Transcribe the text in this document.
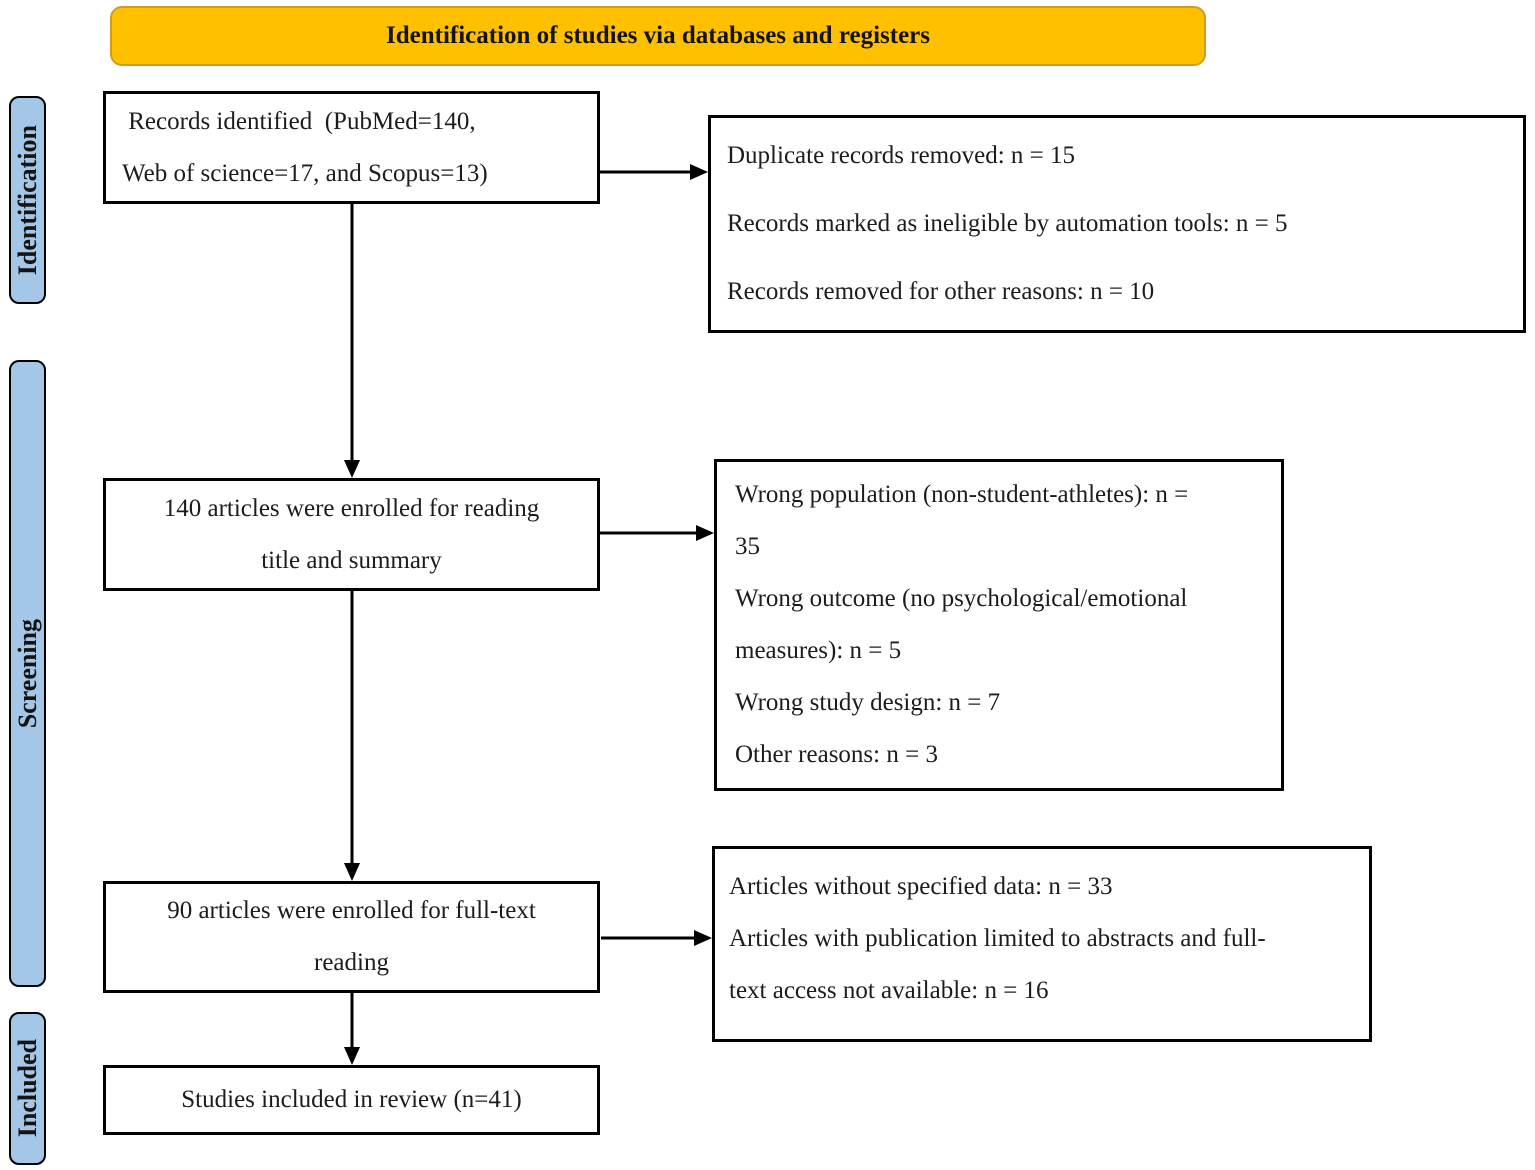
Identification of studies via databases and registers
Identification
Screening
Included
Records identified  (PubMed=140,
Web of science=17, and Scopus=13)
140 articles were enrolled for reading
title and summary
90 articles were enrolled for full-text
reading
Studies included in review (n=41)
Duplicate records removed: n = 15
Records marked as ineligible by automation tools: n = 5
Records removed for other reasons: n = 10
Wrong population (non-student-athletes): n =
35
Wrong outcome (no psychological/emotional
measures): n = 5
Wrong study design: n = 7
Other reasons: n = 3
Articles without specified data: n = 33
Articles with publication limited to abstracts and full-
text access not available: n = 16
